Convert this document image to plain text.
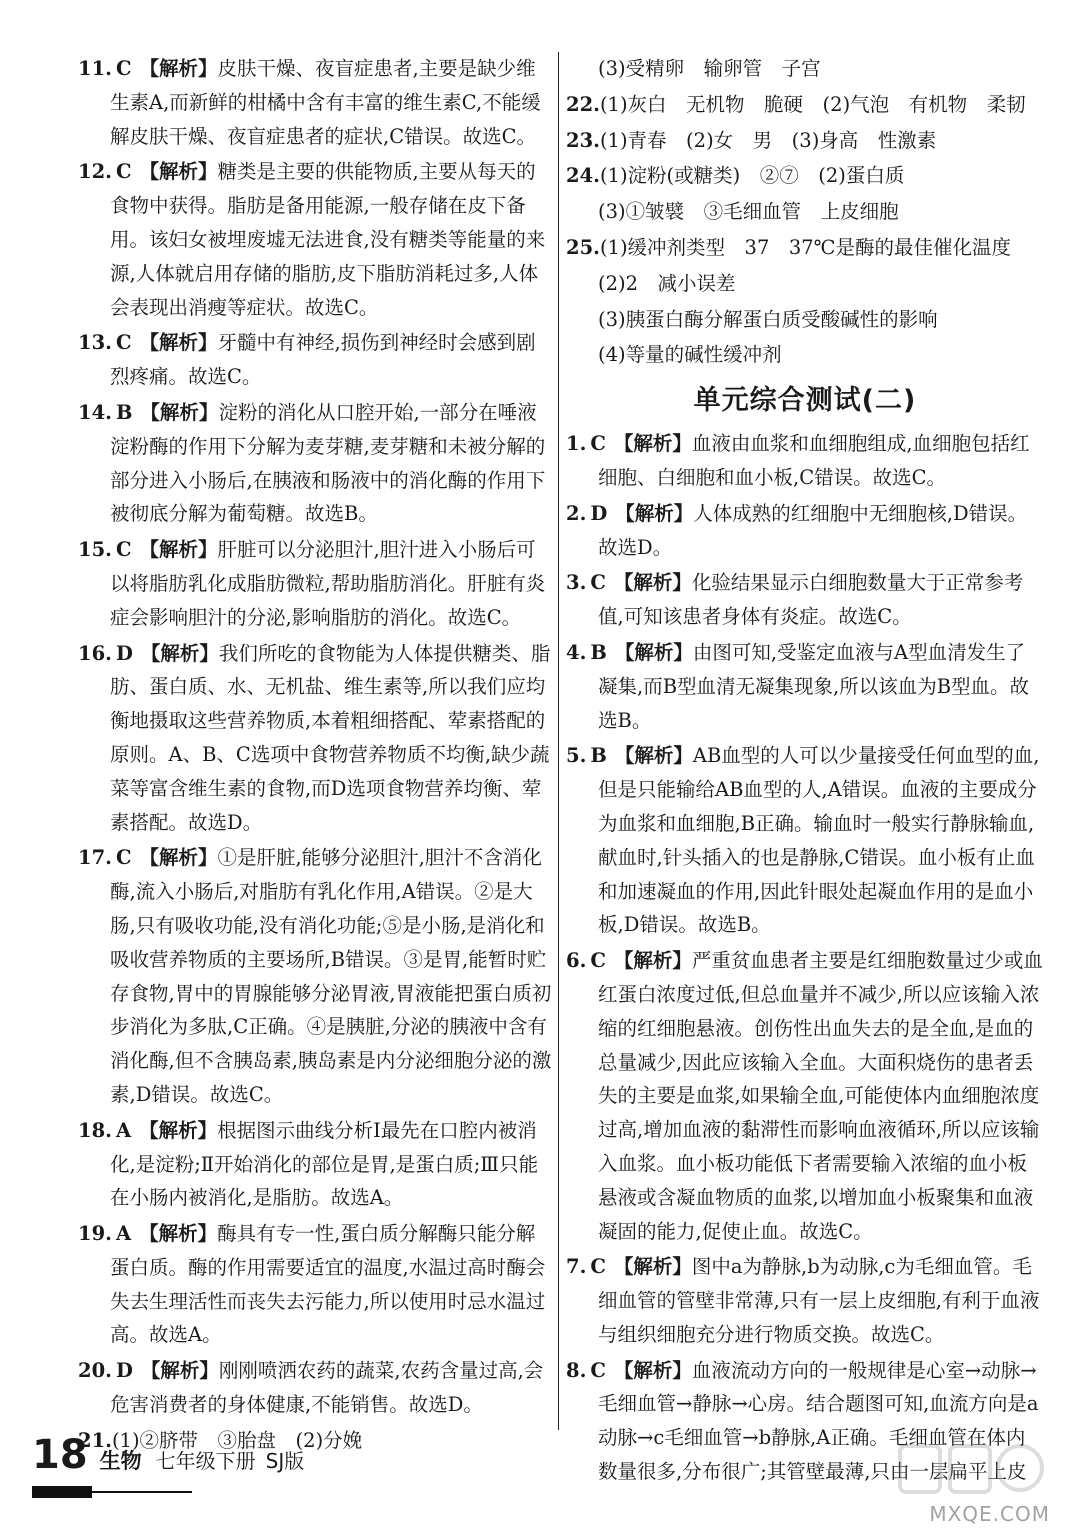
11. C 【解析】皮肤干燥、夜盲症患者,主要是缺少维生素A,而新鲜的柑橘中含有丰富的维生素C,不能缓解皮肤干燥、夜盲症患者的症状,C错误。故选C。
12. C 【解析】糖类是主要的供能物质,主要从每天的食物中获得。脂肪是备用能源,一般存储在皮下备用。该妇女被埋废墟无法进食,没有糖类等能量的来源,人体就启用存储的脂肪,皮下脂肪消耗过多,人体会表现出消瘦等症状。故选C。
13. C 【解析】牙髓中有神经,损伤到神经时会感到剧烈疼痛。故选C。
14. B 【解析】淀粉的消化从口腔开始,一部分在唾液淀粉酶的作用下分解为麦芽糖,麦芽糖和未被分解的部分进入小肠后,在胰液和肠液中的消化酶的作用下被彻底分解为葡萄糖。故选B。
15. C 【解析】肝脏可以分泌胆汁,胆汁进入小肠后可以将脂肪乳化成脂肪微粒,帮助脂肪消化。肝脏有炎症会影响胆汁的分泌,影响脂肪的消化。故选C。
16. D 【解析】我们所吃的食物能为人体提供糖类、脂肪、蛋白质、水、无机盐、维生素等,所以我们应均衡地摄取这些营养物质,本着粗细搭配、荤素搭配的原则。A、B、C选项中食物营养物质不均衡,缺少蔬菜等富含维生素的食物,而D选项食物营养均衡、荤素搭配。故选D。
17. C 【解析】①是肝脏,能够分泌胆汁,胆汁不含消化酶,流入小肠后,对脂肪有乳化作用,A错误。②是大肠,只有吸收功能,没有消化功能;⑤是小肠,是消化和吸收营养物质的主要场所,B错误。③是胃,能暂时贮存食物,胃中的胃腺能够分泌胃液,胃液能把蛋白质初步消化为多肽,C正确。④是胰脏,分泌的胰液中含有消化酶,但不含胰岛素,胰岛素是内分泌细胞分泌的激素,D错误。故选C。
18. A 【解析】根据图示曲线分析Ⅰ最先在口腔内被消化,是淀粉;Ⅱ开始消化的部位是胃,是蛋白质;Ⅲ只能在小肠内被消化,是脂肪。故选A。
19. A 【解析】酶具有专一性,蛋白质分解酶只能分解蛋白质。酶的作用需要适宜的温度,水温过高时酶会失去生理活性而丧失去污能力,所以使用时忌水温过高。故选A。
20. D 【解析】刚刚喷洒农药的蔬菜,农药含量过高,会危害消费者的身体健康,不能销售。故选D。
21.(1)②脐带　③胎盘　(2)分娩
(3)受精卵　输卵管　子宫
22.(1)灰白　无机物　脆硬　(2)气泡　有机物　柔韧
23.(1)青春　(2)女　男　(3)身高　性激素
24.(1)淀粉(或糖类)　②⑦　(2)蛋白质
(3)①皱襞　③毛细血管　上皮细胞
25.(1)缓冲剂类型　37　37℃是酶的最佳催化温度
(2)2　减小误差
(3)胰蛋白酶分解蛋白质受酸碱性的影响
(4)等量的碱性缓冲剂
单元综合测试(二)
1. C 【解析】血液由血浆和血细胞组成,血细胞包括红细胞、白细胞和血小板,C错误。故选C。
2. D 【解析】人体成熟的红细胞中无细胞核,D错误。故选D。
3. C 【解析】化验结果显示白细胞数量大于正常参考值,可知该患者身体有炎症。故选C。
4. B 【解析】由图可知,受鉴定血液与A型血清发生了凝集,而B型血清无凝集现象,所以该血为B型血。故选B。
5. B 【解析】AB血型的人可以少量接受任何血型的血,但是只能输给AB血型的人,A错误。血液的主要成分为血浆和血细胞,B正确。输血时一般实行静脉输血,献血时,针头插入的也是静脉,C错误。血小板有止血和加速凝血的作用,因此针眼处起凝血作用的是血小板,D错误。故选B。
6. C 【解析】严重贫血患者主要是红细胞数量过少或血红蛋白浓度过低,但总血量并不减少,所以应该输入浓缩的红细胞悬液。创伤性出血失去的是全血,是血的总量减少,因此应该输入全血。大面积烧伤的患者丢失的主要是血浆,如果输全血,可能使体内血细胞浓度过高,增加血液的黏滞性而影响血液循环,所以应该输入血浆。血小板功能低下者需要输入浓缩的血小板悬液或含凝血物质的血浆,以增加血小板聚集和血液凝固的能力,促使止血。故选C。
7. C 【解析】图中a为静脉,b为动脉,c为毛细血管。毛细血管的管壁非常薄,只有一层上皮细胞,有利于血液与组织细胞充分进行物质交换。故选C。
8. C 【解析】血液流动方向的一般规律是心室→动脉→毛细血管→静脉→心房。结合题图可知,血流方向是a动脉→c毛细血管→b静脉,A正确。毛细血管在体内数量很多,分布很广;其管壁最薄,只由一层扁平上皮
18 生物 七年级下册 SJ版
MXQE.COM
